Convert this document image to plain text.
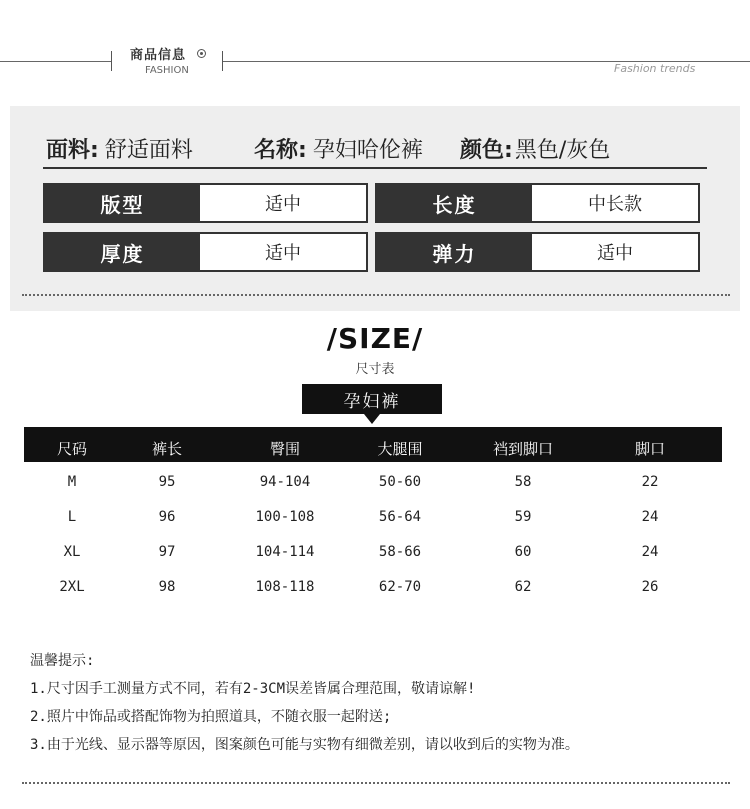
商品信息
FASHION	Fashion trends
面料: 舒适面料	名称: 孕妇哈伦裤 颜色:黑色/灰色
版型	适中	长度	中长款
厚度	适中	弹力	适中
/SIZE/
尺寸表
孕妇裤
尺码	裤长	臀围	大腿围	裆到脚口	脚口
M	95	94-104	50-60	58	22
L	96	100-108	56-64	59	24
XL	97	104-114	58-66	60	24
2XL	98	108-118	62-70	62	26
温馨提示:
1.尺寸因手工测量方式不同，若有2-3CM误差皆属合理范围，敬请谅解!
2.照片中饰品或搭配饰物为拍照道具，不随衣服一起附送;
3.由于光线、显示器等原因，图案颜色可能与实物有细微差别，请以收到后的实物为准。
